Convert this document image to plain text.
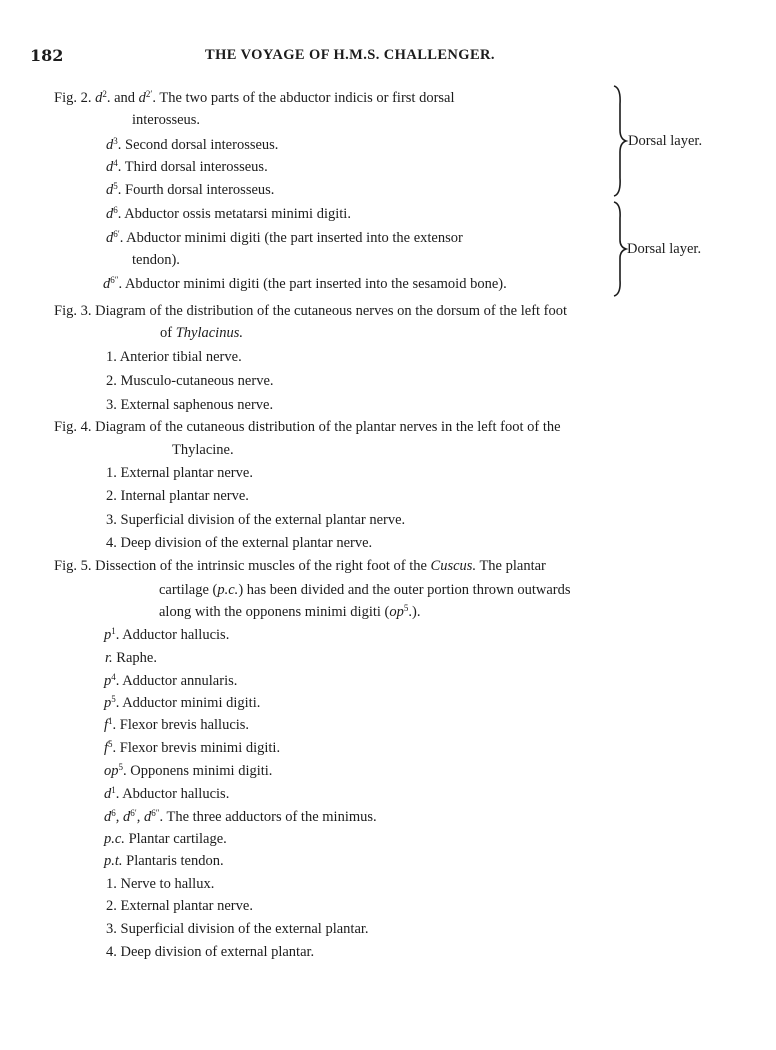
182	THE VOYAGE OF H.M.S. CHALLENGER.
Fig. 2. $d^2$. and $d^{2'}$. The two parts of the abductor indicis or first dorsal
interosseus.
$d^3$. Second dorsal interosseus.
$d^4$. Third dorsal interosseus.
$d^5$. Fourth dorsal interosseus.
$d^6$. Abductor ossis metatarsi minimi digiti.
$d^{6'}$. Abductor minimi digiti (the part inserted into the extensor
tendon).
$d^{6''}$. Abductor minimi digiti (the part inserted into the sesamoid bone).
Dorsal layer.
Dorsal layer.
Fig. 3. Diagram of the distribution of the cutaneous nerves on the dorsum of the left foot
of Thylacinus.
1. Anterior tibial nerve.
2. Musculo-cutaneous nerve.
3. External saphenous nerve.
Fig. 4. Diagram of the cutaneous distribution of the plantar nerves in the left foot of the
Thylacine.
1. External plantar nerve.
2. Internal plantar nerve.
3. Superficial division of the external plantar nerve.
4. Deep division of the external plantar nerve.
Fig. 5. Dissection of the intrinsic muscles of the right foot of the Cuscus. The plantar
cartilage (p.c.) has been divided and the outer portion thrown outwards
along with the opponens minimi digiti $(op^5.)$.
$p^1$. Adductor hallucis.
r. Raphe.
$p^4$. Adductor annularis.
$p^5$. Adductor minimi digiti.
$f^1$. Flexor brevis hallucis.
$f^5$. Flexor brevis minimi digiti.
$op^5$. Opponens minimi digiti.
$d^1$. Abductor hallucis.
$d^6$, $d^{6'}$, $d^{6''}$. The three adductors of the minimus.
p.c. Plantar cartilage.
p.t. Plantaris tendon.
1. Nerve to hallux.
2. External plantar nerve.
3. Superficial division of the external plantar.
4. Deep division of external plantar.
